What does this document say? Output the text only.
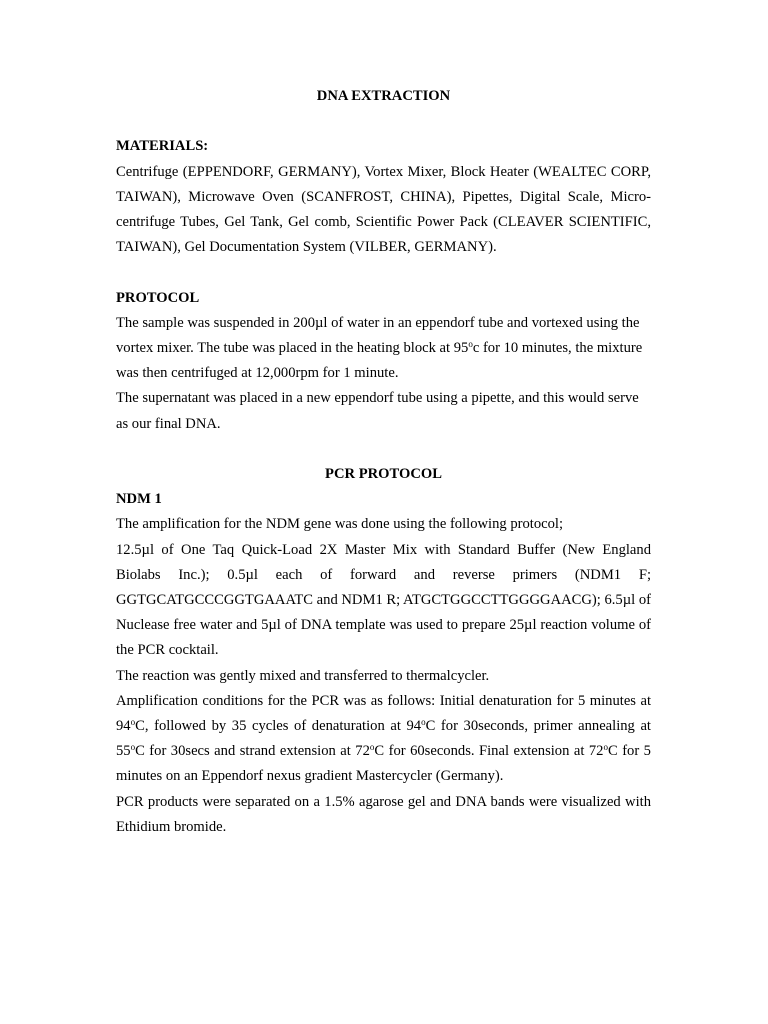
DNA EXTRACTION

MATERIALS:

Centrifuge (EPPENDORF, GERMANY), Vortex Mixer, Block Heater (WEALTEC CORP, TAIWAN), Microwave Oven (SCANFROST, CHINA), Pipettes, Digital Scale, Micro-centrifuge Tubes, Gel Tank, Gel comb, Scientific Power Pack (CLEAVER SCIENTIFIC, TAIWAN), Gel Documentation System (VILBER, GERMANY).

PROTOCOL

The sample was suspended in 200µl of water in an eppendorf tube and vortexed using the vortex mixer. The tube was placed in the heating block at 95$^o$c for 10 minutes, the mixture was then centrifuged at 12,000rpm for 1 minute.

The supernatant was placed in a new eppendorf tube using a pipette, and this would serve as our final DNA.

PCR PROTOCOL

NDM 1

The amplification for the NDM gene was done using the following protocol;

12.5µl of One Taq Quick-Load 2X Master Mix with Standard Buffer (New England Biolabs Inc.); 0.5µl each of forward and reverse primers (NDM1 F; GGTGCATGCCCGGTGAAATC and NDM1 R; ATGCTGGCCTTGGGGAACG); 6.5µl of Nuclease free water and 5µl of DNA template was used to prepare 25µl reaction volume of the PCR cocktail.

The reaction was gently mixed and transferred to thermalcycler.

Amplification conditions for the PCR was as follows: Initial denaturation for 5 minutes at 94$^o$C, followed by 35 cycles of denaturation at 94$^o$C for 30seconds, primer annealing at 55$^o$C for 30secs and strand extension at 72$^o$C for 60seconds. Final extension at 72$^o$C for 5 minutes on an Eppendorf nexus gradient Mastercycler (Germany).

PCR products were separated on a 1.5% agarose gel and DNA bands were visualized with Ethidium bromide.
